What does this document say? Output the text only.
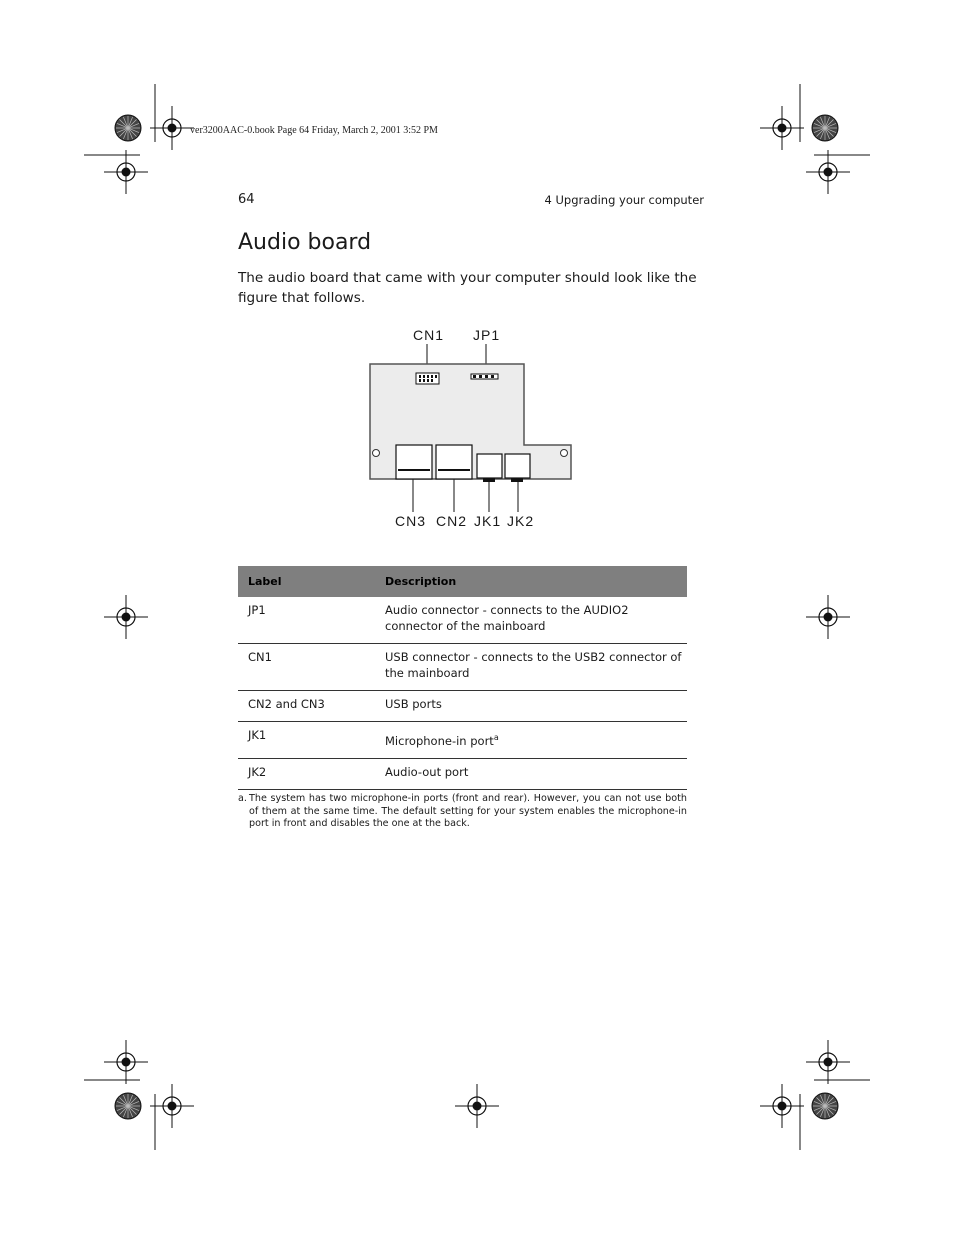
ver3200AAC-0.book Page 64 Friday, March 2, 2001 3:52 PM
64	4 Upgrading your computer
Audio board

The audio board that came with your computer should look like the figure that follows.

CN1 JP1
CN3 CN2 JK1 JK2
Label	Description
JP1	Audio connector - connects to the AUDIO2 connector of the mainboard
CN1	USB connector - connects to the USB2 connector of the mainboard
CN2 and CN3	USB ports
JK1	Microphone-in port$^a$
JK2	Audio-out port

a. The system has two microphone-in ports (front and rear). However, you can not use both of them at the same time. The default setting for your system enables the microphone-in port in front and disables the one at the back.
